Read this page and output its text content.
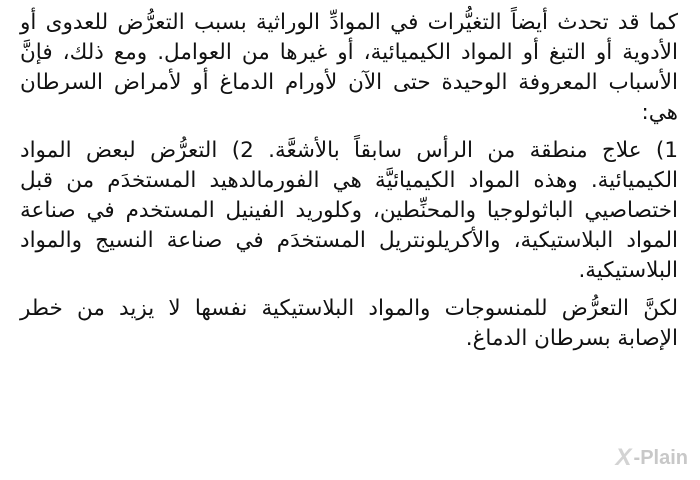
كما قد تحدث أيضاً التغيُّرات في الموادِّ الوراثية بسبب التعرُّض للعدوى أو الأدوية أو التبغ أو المواد الكيميائية، أو غيرها من العوامل. ومع ذلك، فإنَّ الأسباب المعروفة الوحيدة حتى الآن لأورام الدماغ أو لأمراض السرطان هي:

1) علاج منطقة من الرأس سابقاً بالأشعَّة. 2) التعرُّض لبعض المواد الكيميائية. وهذه المواد الكيميائيَّة هي الفورمالدهيد المستخدَم من قبل اختصاصيي الباثولوجيا والمحنِّطين، وكلوريد الفينيل المستخدم في صناعة المواد البلاستيكية، والأكريلونتريل المستخدَم في صناعة النسيج والمواد البلاستيكية.

لكنَّ التعرُّض للمنسوجات والمواد البلاستيكية نفسها لا يزيد من خطر الإصابة بسرطان الدماغ.

X -Plain
